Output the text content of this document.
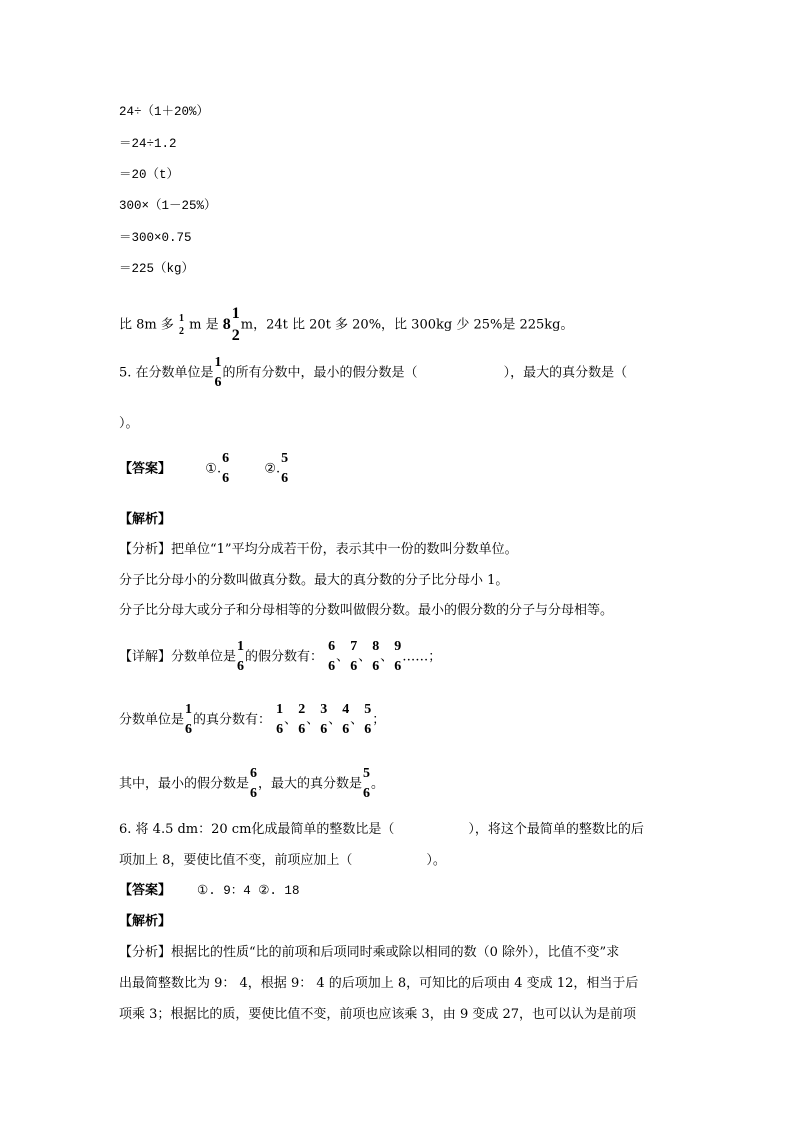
24÷（1＋20%）
＝24÷1.2
＝20（t）
300×（1－25%）
＝300×0.75
＝225（kg）
比 8m 多 1
2 m 是 8
1
2
m，24t 比 20t 多 20%，比 300kg 少 25%是 225kg。
5. 在分数单位是
1
6
的所有分数中，最小的假分数是（	），最大的真分数是（
）。
【答案】	①.
6
6
②.
5
6
【解析】
【分析】把单位“1”平均分成若干份，表示其中一份的数叫分数单位。
分子比分母小的分数叫做真分数。最大的真分数的分子比分母小 1。
分子比分母大或分子和分母相等的分数叫做假分数。最小的假分数的分子与分母相等。
【详解】分数单位是
1
6
的假分数有：
6
6
、
7
6
、
8
6
、
9
6
……；
分数单位是
1
6
的真分数有：
1
6
、
2
6
、
3
6
、
4
6
、
5
6
；
其中，最小的假分数是
6
6
，最大的真分数是
5
6
。
6. 将 4.5 dm：20 cm化成最简单的整数比是（	），将这个最简单的整数比的后
项加上 8，要使比值不变，前项应加上（	）。
【答案】 ①. 9：4 ②. 18
【解析】
【分析】根据比的性质“比的前项和后项同时乘或除以相同的数（0 除外），比值不变”求
出最简整数比为 9： 4，根据 9： 4 的后项加上 8，可知比的后项由 4 变成 12，相当于后
项乘 3；根据比的质，要使比值不变，前项也应该乘 3，由 9 变成 27，也可以认为是前项
